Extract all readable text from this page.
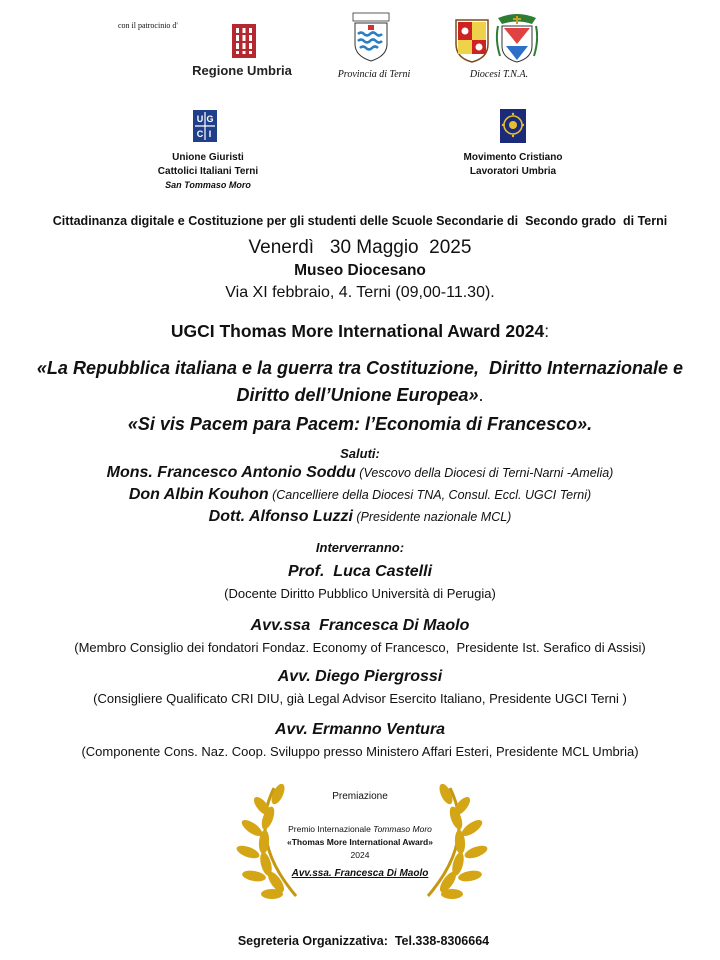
con il patrocinio d'
Regione Umbria	Provincia di Terni	Diocesi T.N.A.
U G
C I
Unione Giuristi
Cattolici Italiani Terni
San Tommaso Moro
Movimento Cristiano
Lavoratori Umbria
Cittadinanza digitale e Costituzione per gli studenti delle Scuole Secondarie di  Secondo grado  di Terni
Venerdì   30 Maggio  2025
Museo Diocesano
Via XI febbraio, 4. Terni (09,00-11.30).
UGCI Thomas More International Award 2024:
«La Repubblica italiana e la guerra tra Costituzione,  Diritto Internazionale e
Diritto dell’Unione Europea».
«Si vis Pacem para Pacem: l’Economia di Francesco».
Saluti:
Mons. Francesco Antonio Soddu (Vescovo della Diocesi di Terni-Narni -Amelia)
Don Albin Kouhon (Cancelliere della Diocesi TNA, Consul. Eccl. UGCI Terni)
Dott. Alfonso Luzzi (Presidente nazionale MCL)
Interverranno:
Prof.  Luca Castelli
(Docente Diritto Pubblico Università di Perugia)
Avv.ssa  Francesca Di Maolo
(Membro Consiglio dei fondatori Fondaz. Economy of Francesco,  Presidente Ist. Serafico di Assisi)
Avv. Diego Piergrossi
(Consigliere Qualificato CRI DIU, già Legal Advisor Esercito Italiano, Presidente UGCI Terni )
Avv. Ermanno Ventura
(Componente Cons. Naz. Coop. Sviluppo presso Ministero Affari Esteri, Presidente MCL Umbria)
Premiazione
Premio Internazionale Tommaso Moro
«Thomas More International Award»
2024
Avv.ssa. Francesca Di Maolo

Segreteria Organizzativa:  Tel.338-8306664
